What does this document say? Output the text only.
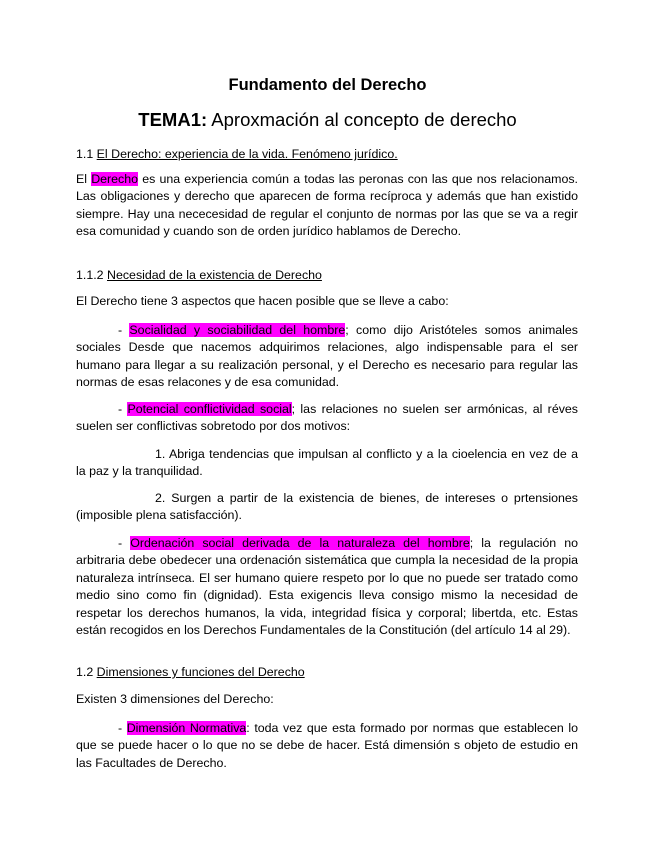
Fundamento del Derecho
TEMA1: Aproxmación al concepto de derecho
1.1 El Derecho: experiencia de la vida. Fenómeno jurídico.
El Derecho es una experiencia común a todas las peronas con las que nos relacionamos. Las obligaciones y derecho que aparecen de forma recíproca y además que han existido siempre. Hay una nececesidad de regular el conjunto de normas por las que se va a regir esa comunidad y cuando son de orden jurídico hablamos de Derecho.
1.1.2 Necesidad de la existencia de Derecho
El Derecho tiene 3 aspectos que hacen posible que se lleve a cabo:
- Socialidad y sociabilidad del hombre; como dijo Aristóteles somos animales sociales Desde que nacemos adquirimos relaciones, algo indispensable para el ser humano para llegar a su realización personal, y el Derecho es necesario para regular las normas de esas relacones y de esa comunidad.
- Potencial conflictividad social; las relaciones no suelen ser armónicas, al réves suelen ser conflictivas sobretodo por dos motivos:
1. Abriga tendencias que impulsan al conflicto y a la cioelencia en vez de a la paz y la tranquilidad.
2. Surgen a partir de la existencia de bienes, de intereses o prtensiones (imposible plena satisfacción).
- Ordenación social derivada de la naturaleza del hombre; la regulación no arbitraria debe obedecer una ordenación sistemática que cumpla la necesidad de la propia naturaleza intrínseca. El ser humano quiere respeto por lo que no puede ser tratado como medio sino como fin (dignidad). Esta exigencis lleva consigo mismo la necesidad de respetar los derechos humanos, la vida, integridad física y corporal; libertda, etc. Estas están recogidos en los Derechos Fundamentales de la Constitución (del artículo 14 al 29).
1.2 Dimensiones y funciones del Derecho
Existen 3 dimensiones del Derecho:
- Dimensión Normativa: toda vez que esta formado por normas que establecen lo que se puede hacer o lo que no se debe de hacer. Está dimensión s objeto de estudio en las Facultades de Derecho.
